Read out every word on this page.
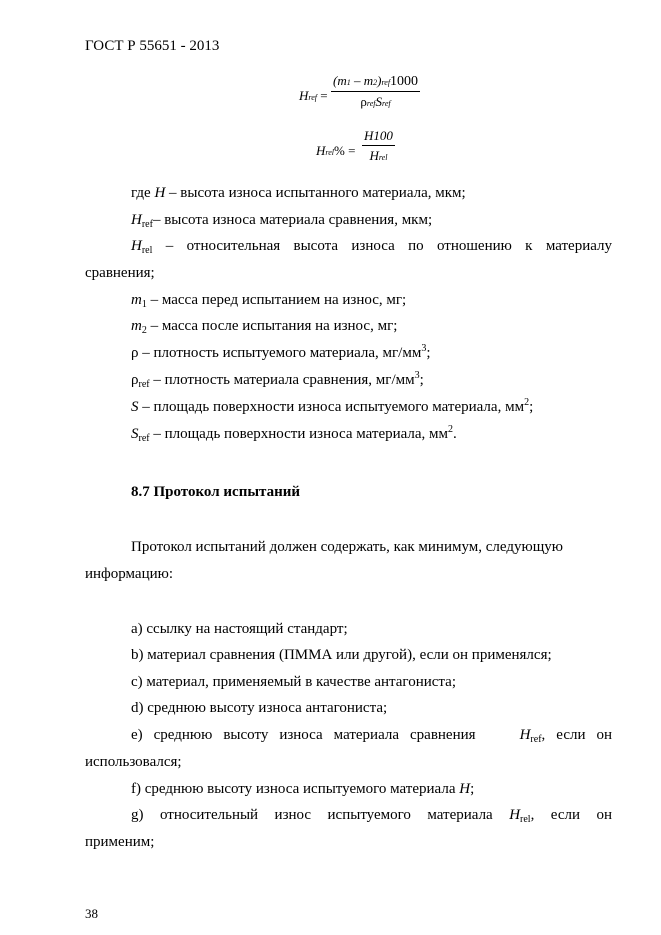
ГОСТ Р 55651 - 2013
Href =
(m1 – m2)ref1000
ρrefSref
Hrel% =
H100
Hrel
где H – высота износа испытанного материала, мкм;
$H_{ref}-$ высота износа материала сравнения, мкм;
$H_{rel}$ – относительная высота износа по отношению к материалу
сравнения;
$m_1$ – масса перед испытанием на износ, мг;
$m_2$ – масса после испытания на износ, мг;
ρ – плотность испытуемого материала, $мг/мм^3$;
$\rho_{ref}$ – плотность материала сравнения, $мг/мм^3$;
S – площадь поверхности износа испытуемого материала, $мм^2$;
$S_{ref}$ – площадь поверхности износа материала, $мм^2$.
8.7 Протокол испытаний
Протокол испытаний должен содержать, как минимум, следующую
информацию:
а) ссылку на настоящий стандарт;
b) материал сравнения (ПММА или другой), если он применялся;
c) материал, применяемый в качестве антагониста;
d) среднюю высоту износа антагониста;
e) среднюю высоту износа материала сравнения	$H_{ref}$, если он
использовался;
f) среднюю высоту износа испытуемого материала H;
g) относительный износ испытуемого материала $H_{rel}$, если он
применим;
38
